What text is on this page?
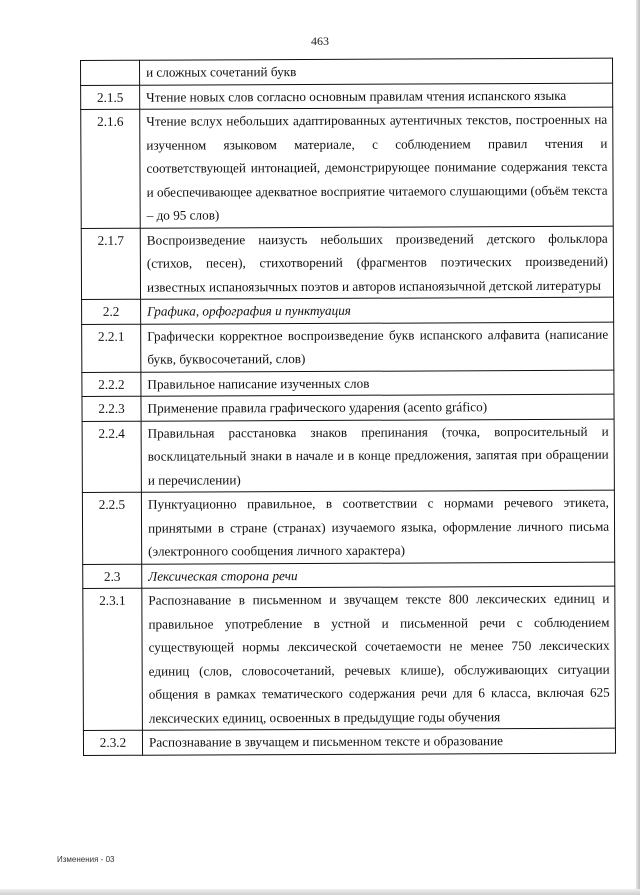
463
	и сложных сочетаний букв
2.1.5	Чтение новых слов согласно основным правилам чтения испанского языка
2.1.6	Чтение вслух небольших адаптированных аутентичных текстов, построенных на изученном языковом материале, с соблюдением правил чтения и соответствующей интонацией, демонстрирующее понимание содержания текста и обеспечивающее адекватное восприятие читаемого слушающими (объём текста – до 95 слов)
2.1.7	Воспроизведение наизусть небольших произведений детского фольклора (стихов, песен), стихотворений (фрагментов поэтических произведений) известных испаноязычных поэтов и авторов испаноязычной детской литературы
2.2	Графика, орфография и пунктуация
2.2.1	Графически корректное воспроизведение букв испанского алфавита (написание букв, буквосочетаний, слов)
2.2.2	Правильное написание изученных слов
2.2.3	Применение правила графического ударения (acento gráfico)
2.2.4	Правильная расстановка знаков препинания (точка, вопросительный и восклицательный знаки в начале и в конце предложения, запятая при обращении и перечислении)
2.2.5	Пунктуационно правильное, в соответствии с нормами речевого этикета, принятыми в стране (странах) изучаемого языка, оформление личного письма (электронного сообщения личного характера)
2.3	Лексическая сторона речи
2.3.1	Распознавание в письменном и звучащем тексте 800 лексических единиц и правильное употребление в устной и письменной речи с соблюдением существующей нормы лексической сочетаемости не менее 750 лексических единиц (слов, словосочетаний, речевых клише), обслуживающих ситуации общения в рамках тематического содержания речи для 6 класса, включая 625 лексических единиц, освоенных в предыдущие годы обучения
2.3.2	Распознавание в звучащем и письменном тексте и образование
Изменения - 03
